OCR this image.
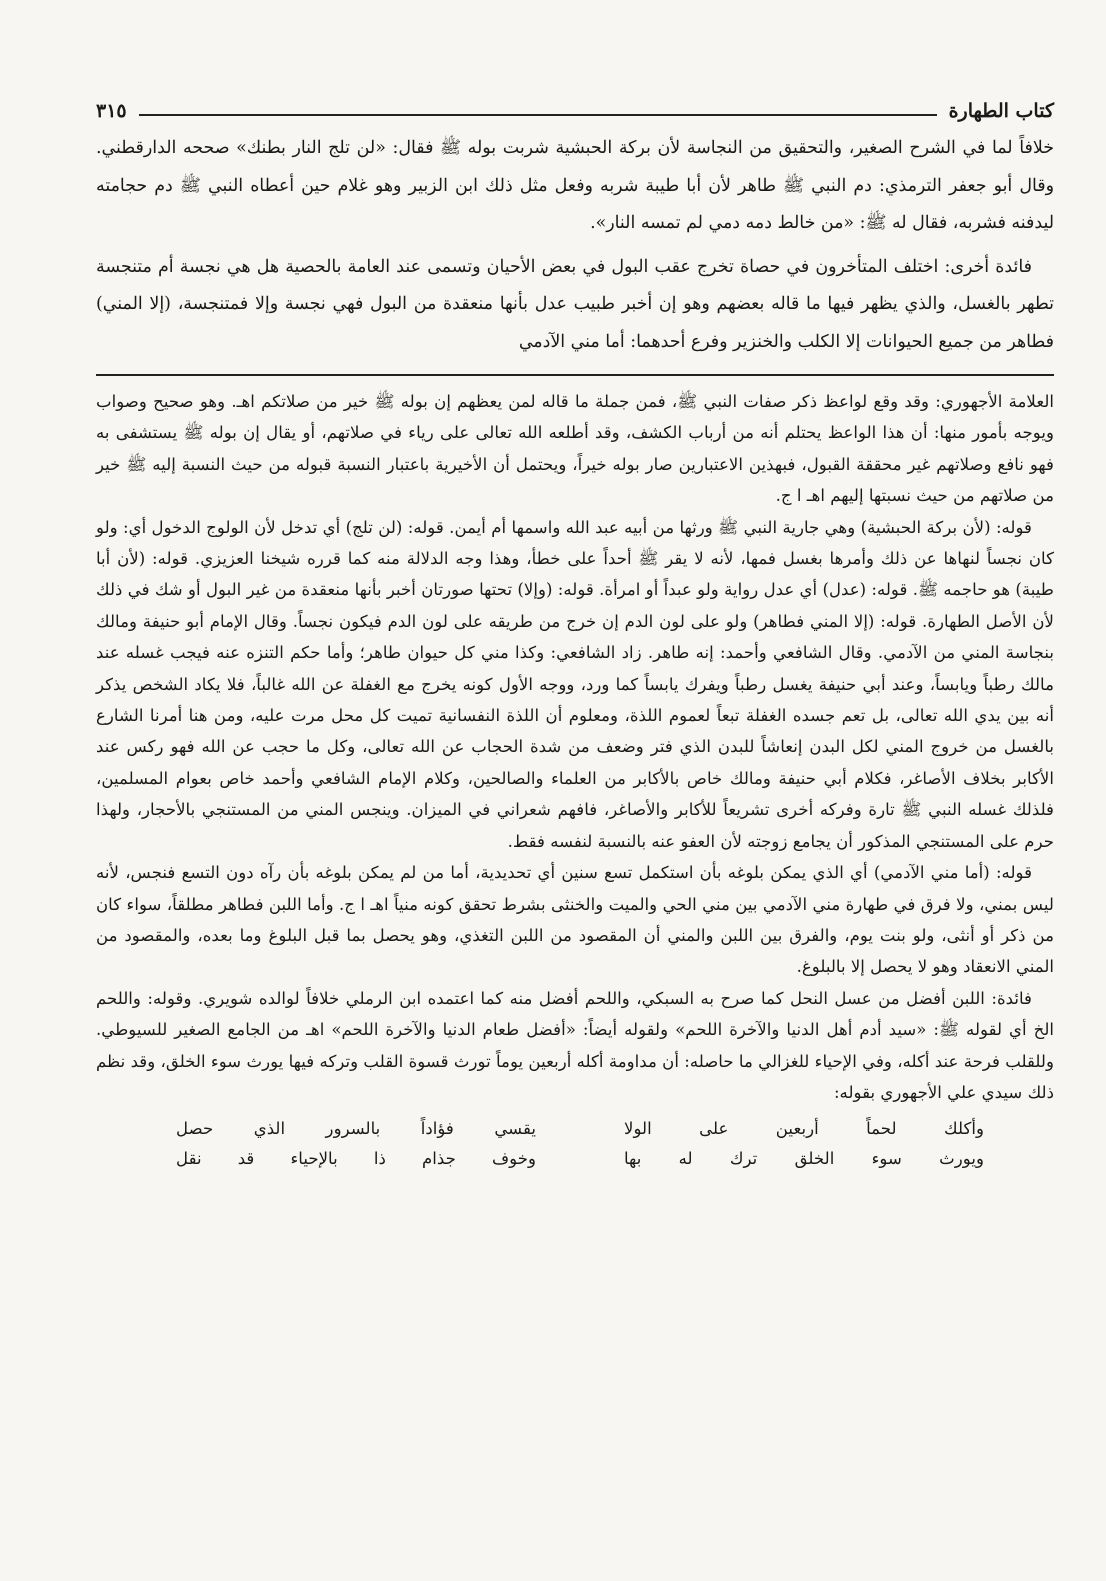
كتاب الطهارة
٣١٥

خلافاً لما في الشرح الصغير، والتحقيق من النجاسة لأن بركة الحبشية شربت بوله ﷺ فقال: «لن تلج النار بطنك» صححه الدارقطني. وقال أبو جعفر الترمذي: دم النبي ﷺ طاهر لأن أبا طيبة شربه وفعل مثل ذلك ابن الزبير وهو غلام حين أعطاه النبي ﷺ دم حجامته ليدفنه فشربه، فقال له ﷺ: «من خالط دمه دمي لم تمسه النار».

فائدة أخرى: اختلف المتأخرون في حصاة تخرج عقب البول في بعض الأحيان وتسمى عند العامة بالحصية هل هي نجسة أم متنجسة تطهر بالغسل، والذي يظهر فيها ما قاله بعضهم وهو إن أخبر طبيب عدل بأنها منعقدة من البول فهي نجسة وإلا فمتنجسة، (إلا المني) فطاهر من جميع الحيوانات إلا الكلب والخنزير وفرع أحدهما: أما مني الآدمي

العلامة الأجهوري: وقد وقع لواعظ ذكر صفات النبي ﷺ، فمن جملة ما قاله لمن يعظهم إن بوله ﷺ خير من صلاتكم اهـ. وهو صحيح وصواب ويوجه بأمور منها: أن هذا الواعظ يحتلم أنه من أرباب الكشف، وقد أطلعه الله تعالى على رياء في صلاتهم، أو يقال إن بوله ﷺ يستشفى به فهو نافع وصلاتهم غير محققة القبول، فبهذين الاعتبارين صار بوله خيراً، ويحتمل أن الأخيرية باعتبار النسبة قبوله من حيث النسبة إليه ﷺ خير من صلاتهم من حيث نسبتها إليهم اهـ ا ج.

قوله: (لأن بركة الحبشية) وهي جارية النبي ﷺ ورثها من أبيه عبد الله واسمها أم أيمن. قوله: (لن تلج) أي تدخل لأن الولوج الدخول أي: ولو كان نجساً لنهاها عن ذلك وأمرها بغسل فمها، لأنه لا يقر ﷺ أحداً على خطأ، وهذا وجه الدلالة منه كما قرره شيخنا العزيزي. قوله: (لأن أبا طيبة) هو حاجمه ﷺ. قوله: (عدل) أي عدل رواية ولو عبداً أو امرأة. قوله: (وإلا) تحتها صورتان أخبر بأنها منعقدة من غير البول أو شك في ذلك لأن الأصل الطهارة. قوله: (إلا المني فطاهر) ولو على لون الدم إن خرج من طريقه على لون الدم فيكون نجساً. وقال الإمام أبو حنيفة ومالك بنجاسة المني من الآدمي. وقال الشافعي وأحمد: إنه طاهر. زاد الشافعي: وكذا مني كل حيوان طاهر؛ وأما حكم التنزه عنه فيجب غسله عند مالك رطباً ويابساً، وعند أبي حنيفة يغسل رطباً ويفرك يابساً كما ورد، ووجه الأول كونه يخرج مع الغفلة عن الله غالباً، فلا يكاد الشخص يذكر أنه بين يدي الله تعالى، بل تعم جسده الغفلة تبعاً لعموم اللذة، ومعلوم أن اللذة النفسانية تميت كل محل مرت عليه، ومن هنا أمرنا الشارع بالغسل من خروج المني لكل البدن إنعاشاً للبدن الذي فتر وضعف من شدة الحجاب عن الله تعالى، وكل ما حجب عن الله فهو ركس عند الأكابر بخلاف الأصاغر، فكلام أبي حنيفة ومالك خاص بالأكابر من العلماء والصالحين، وكلام الإمام الشافعي وأحمد خاص بعوام المسلمين، فلذلك غسله النبي ﷺ تارة وفركه أخرى تشريعاً للأكابر والأصاغر، فافهم شعراني في الميزان. وينجس المني من المستنجي بالأحجار، ولهذا حرم على المستنجي المذكور أن يجامع زوجته لأن العفو عنه بالنسبة لنفسه فقط.

قوله: (أما مني الآدمي) أي الذي يمكن بلوغه بأن استكمل تسع سنين أي تحديدية، أما من لم يمكن بلوغه بأن رآه دون التسع فنجس، لأنه ليس بمني، ولا فرق في طهارة مني الآدمي بين مني الحي والميت والخنثى بشرط تحقق كونه منياً اهـ ا ج. وأما اللبن فطاهر مطلقاً، سواء كان من ذكر أو أنثى، ولو بنت يوم، والفرق بين اللبن والمني أن المقصود من اللبن التغذي، وهو يحصل بما قبل البلوغ وما بعده، والمقصود من المني الانعقاد وهو لا يحصل إلا بالبلوغ.

فائدة: اللبن أفضل من عسل النحل كما صرح به السبكي، واللحم أفضل منه كما اعتمده ابن الرملي خلافاً لوالده شويري. وقوله: واللحم الخ أي لقوله ﷺ: «سيد أدم أهل الدنيا والآخرة اللحم» ولقوله أيضاً: «أفضل طعام الدنيا والآخرة اللحم» اهـ من الجامع الصغير للسيوطي. وللقلب فرحة عند أكله، وفي الإحياء للغزالي ما حاصله: أن مداومة أكله أربعين يوماً تورث قسوة القلب وتركه فيها يورث سوء الخلق، وقد نظم ذلك سيدي علي الأجهوري بقوله:

وأكلك لحماً أربعين على الولا
يقسي فؤاداً بالسرور الذي حصل
ويورث سوء الخلق ترك له بها
وخوف جذام ذا بالإحياء قد نقل
